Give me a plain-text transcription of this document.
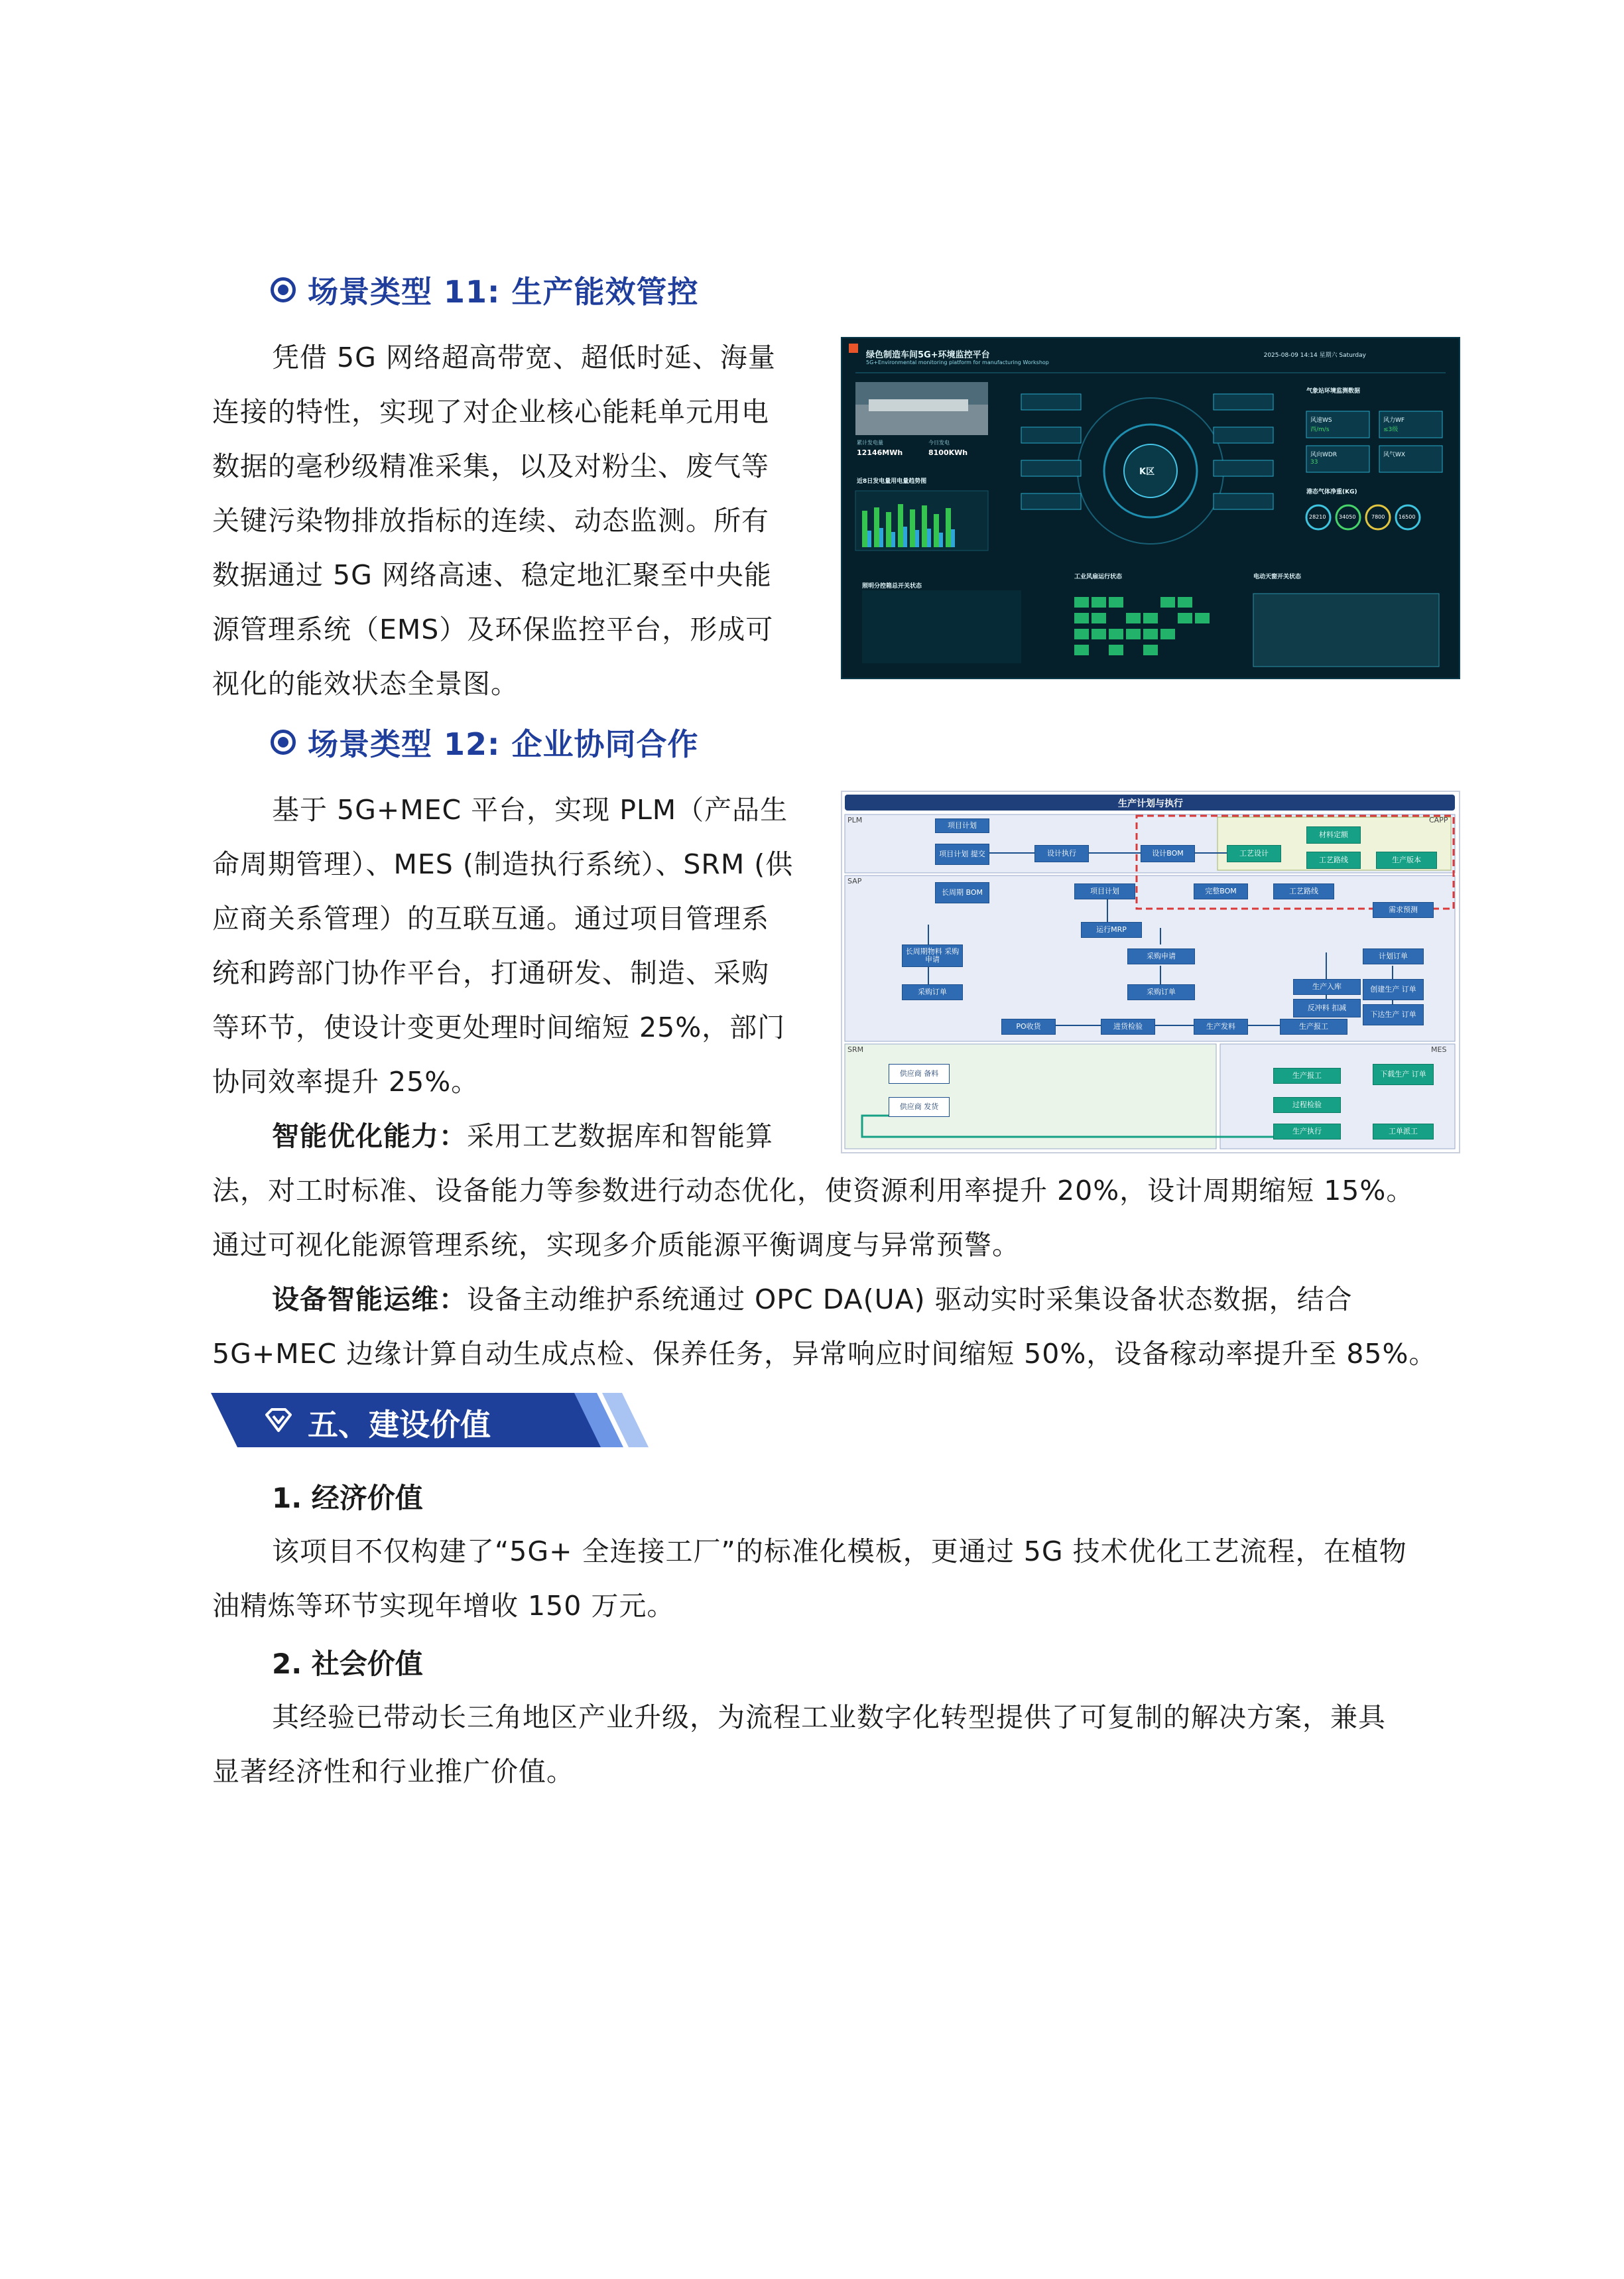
场景类型 11: 生产能效管控

凭借 5G 网络超高带宽、超低时延、海量

连接的特性，实现了对企业核心能耗单元用电

数据的毫秒级精准采集，以及对粉尘、废气等

关键污染物排放指标的连续、动态监测。所有

数据通过 5G 网络高速、稳定地汇聚至中央能

源管理系统（EMS）及环保监控平台，形成可

视化的能效状态全景图。

绿色制造车间5G+环境监控平台
5G+Environmental monitoring platform for manufacturing Workshop
2025-08-09 14:14 星期六 Saturday
K区
累计发电量
12146MWh
今日发电
8100KWh
近8日发电量用电量趋势图
气象站环境监测数据
风速WS
西/m/s
风力WF
≤3级
风向WDR
33
风气WX
港态气体净重(KG)
28210 34050	7800	16500
照明分控箱总开关状态
工业风扇运行状态	电动天窗开关状态
场景类型 12: 企业协同合作

基于 5G+MEC 平台，实现 PLM（产品生

命周期管理）、MES (制造执行系统）、SRM (供

应商关系管理）的互联互通。通过项目管理系

统和跨部门协作平台，打通研发、制造、采购

等环节，使设计变更处理时间缩短 25%，部门

协同效率提升 25%。

智能优化能力：采用工艺数据库和智能算

生产计划与执行
PLM	CAPP
SAP
SRM	MES
项目计划
项目计划 提交	设计执行	设计BOM	工艺设计
材料定额
工艺路线	生产版本
长周期 BOM	项目计划	完整BOM	工艺路线
需求预测
运行MRP
长周期物料 采购申请	采购申请	计划订单
采购订单	采购订单
生产入库	创建生产 订单
反冲料 扣减
下达生产 订单
PO收货	进货检验	生产发料	生产报工
供应商 备料
供应商 发货
生产报工	下载生产 订单
过程检验
生产执行	工单派工

法，对工时标准、设备能力等参数进行动态优化，使资源利用率提升 20%，设计周期缩短 15%。

通过可视化能源管理系统，实现多介质能源平衡调度与异常预警。

设备智能运维：设备主动维护系统通过 OPC DA(UA) 驱动实时采集设备状态数据，结合

5G+MEC 边缘计算自动生成点检、保养任务，异常响应时间缩短 50%，设备稼动率提升至 85%。

五、建设价值
1. 经济价值

该项目不仅构建了“5G+ 全连接工厂”的标准化模板，更通过 5G 技术优化工艺流程，在植物

油精炼等环节实现年增收 150 万元。

2. 社会价值

其经验已带动长三角地区产业升级，为流程工业数字化转型提供了可复制的解决方案，兼具

显著经济性和行业推广价值。
